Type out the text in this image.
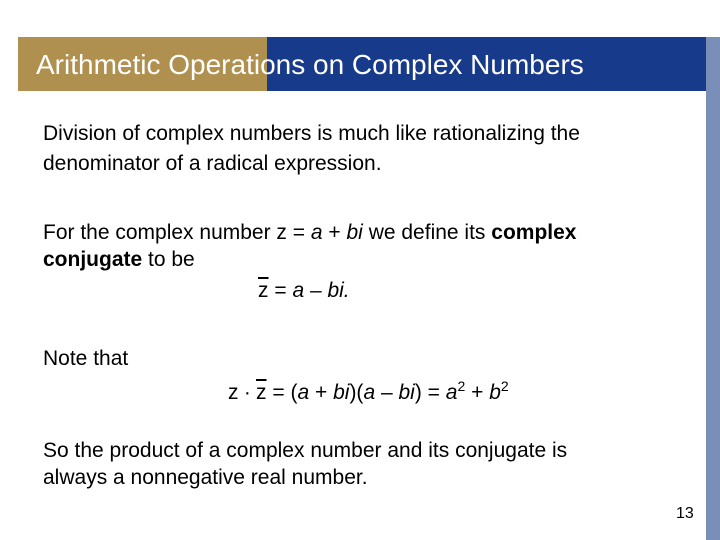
Arithmetic Operations on Complex Numbers

Division of complex numbers is much like rationalizing the

denominator of a radical expression.

For the complex number z = a + bi we define its complex

conjugate to be

$\overline{z} = a$ – bi.

Note that

$z \cdot \overline{z} = (a + bi)(a - bi) = a^2 + b^2$

So the product of a complex number and its conjugate is

always a nonnegative real number.

13
